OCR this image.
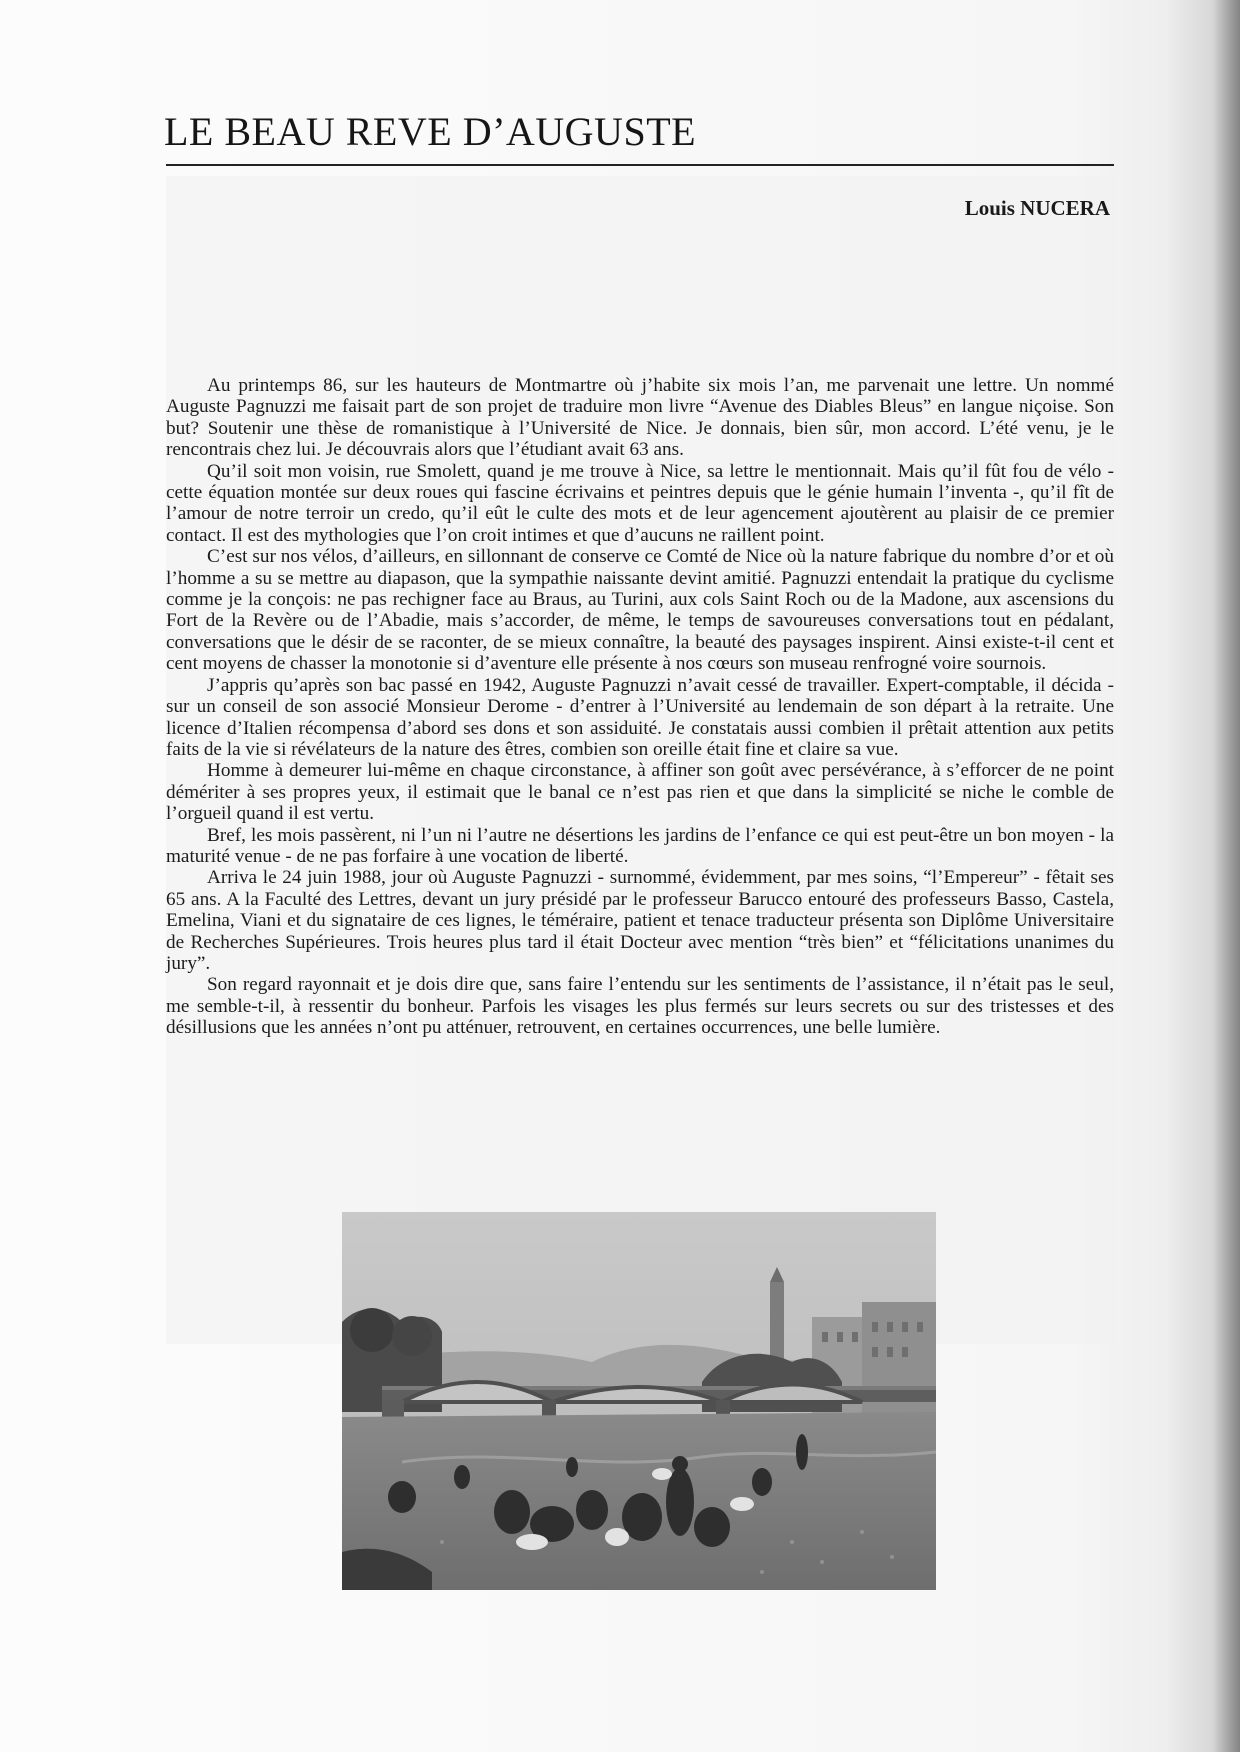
LE BEAU REVE D’AUGUSTE
Louis NUCERA

Au printemps 86, sur les hauteurs de Montmartre où j’habite six mois l’an, me parvenait une lettre. Un nommé Auguste Pagnuzzi me faisait part de son projet de traduire mon livre “Avenue des Diables Bleus” en langue niçoise. Son but? Soutenir une thèse de romanistique à l’Université de Nice. Je donnais, bien sûr, mon accord. L’été venu, je le rencontrais chez lui. Je découvrais alors que l’étudiant avait 63 ans.

Qu’il soit mon voisin, rue Smolett, quand je me trouve à Nice, sa lettre le mentionnait. Mais qu’il fût fou de vélo - cette équation montée sur deux roues qui fascine écrivains et peintres depuis que le génie humain l’inventa -, qu’il fît de l’amour de notre terroir un credo, qu’il eût le culte des mots et de leur agencement ajoutèrent au plaisir de ce premier contact. Il est des mythologies que l’on croit intimes et que d’aucuns ne raillent point.

C’est sur nos vélos, d’ailleurs, en sillonnant de conserve ce Comté de Nice où la nature fabrique du nombre d’or et où l’homme a su se mettre au diapason, que la sympathie naissante devint amitié. Pagnuzzi entendait la pratique du cyclisme comme je la conçois: ne pas rechigner face au Braus, au Turini, aux cols Saint Roch ou de la Madone, aux ascensions du Fort de la Revère ou de l’Abadie, mais s’accorder, de même, le temps de savoureuses conversations tout en pédalant, conversations que le désir de se raconter, de se mieux connaître, la beauté des paysages inspirent. Ainsi existe-t-il cent et cent moyens de chasser la monotonie si d’aventure elle présente à nos cœurs son museau renfrogné voire sournois.

J’appris qu’après son bac passé en 1942, Auguste Pagnuzzi n’avait cessé de travailler. Expert-comptable, il décida - sur un conseil de son associé Monsieur Derome - d’entrer à l’Université au lendemain de son départ à la retraite. Une licence d’Italien récompensa d’abord ses dons et son assiduité. Je constatais aussi combien il prêtait attention aux petits faits de la vie si révélateurs de la nature des êtres, combien son oreille était fine et claire sa vue.

Homme à demeurer lui-même en chaque circonstance, à affiner son goût avec persévérance, à s’efforcer de ne point démériter à ses propres yeux, il estimait que le banal ce n’est pas rien et que dans la simplicité se niche le comble de l’orgueil quand il est vertu.

Bref, les mois passèrent, ni l’un ni l’autre ne désertions les jardins de l’enfance ce qui est peut-être un bon moyen - la maturité venue - de ne pas forfaire à une vocation de liberté.

Arriva le 24 juin 1988, jour où Auguste Pagnuzzi - surnommé, évidemment, par mes soins, “l’Empereur” - fêtait ses 65 ans. A la Faculté des Lettres, devant un jury présidé par le professeur Barucco entouré des professeurs Basso, Castela, Emelina, Viani et du signataire de ces lignes, le téméraire, patient et tenace traducteur présenta son Diplôme Universitaire de Recherches Supérieures. Trois heures plus tard il était Docteur avec mention “très bien” et “félicitations unanimes du jury”.

Son regard rayonnait et je dois dire que, sans faire l’entendu sur les sentiments de l’assistance, il n’était pas le seul, me semble-t-il, à ressentir du bonheur. Parfois les visages les plus fermés sur leurs secrets ou sur des tristesses et des désillusions que les années n’ont pu atténuer, retrouvent, en certaines occurrences, une belle lumière.
